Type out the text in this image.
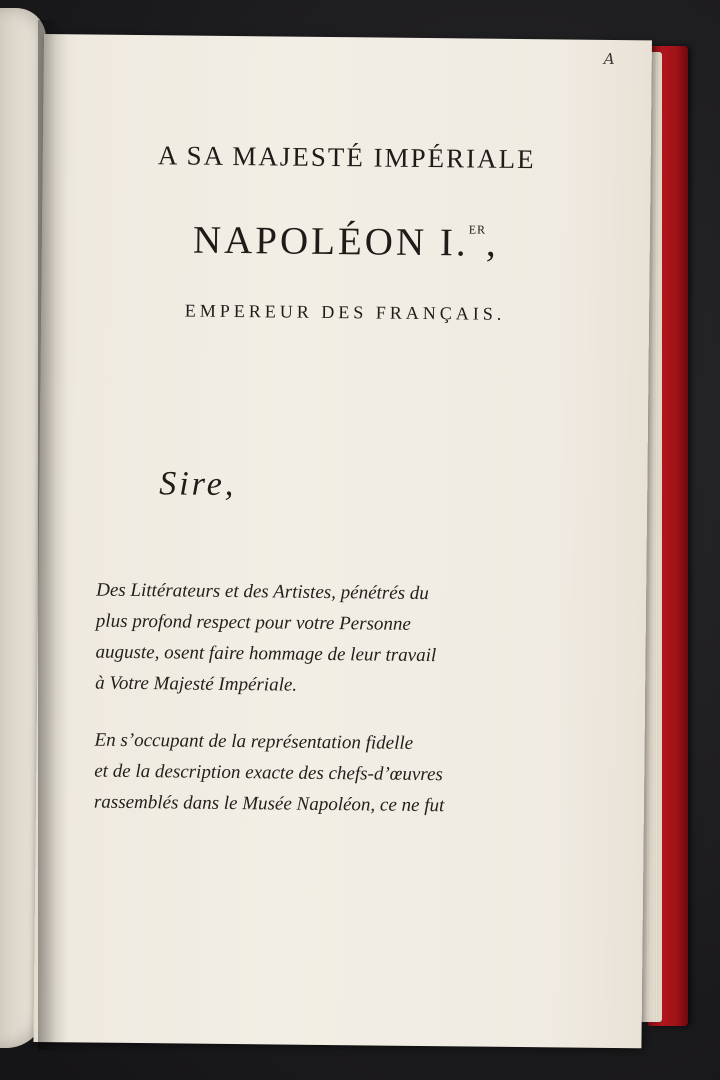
A
A SA MAJESTÉ IMPÉRIALE
NAPOLÉON I.$^{ER}$,
EMPEREUR DES FRANÇAIS.
Sire,
Des Littérateurs et des Artistes, pénétrés du
plus profond respect pour votre Personne
auguste, osent faire hommage de leur travail
à Votre Majesté Impériale.
En s’occupant de la représentation fidelle
et de la description exacte des chefs-d’œuvres
rassemblés dans le Musée Napoléon, ce ne fut
